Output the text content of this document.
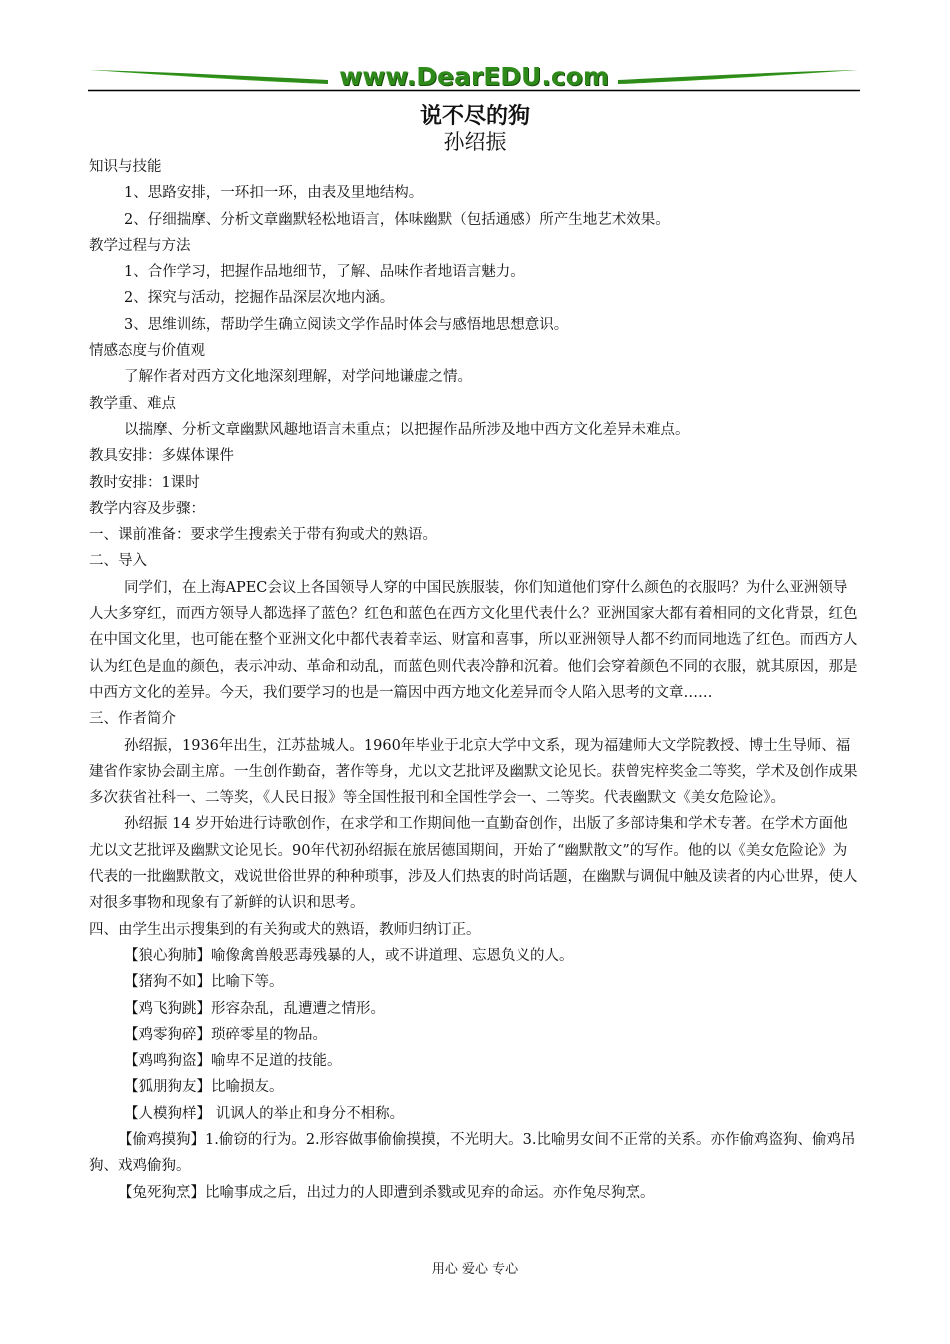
www.DearEDU.com
说不尽的狗
孙绍振

知识与技能

1、思路安排，一环扣一环，由表及里地结构。

2、仔细揣摩、分析文章幽默轻松地语言，体味幽默（包括通感）所产生地艺术效果。

教学过程与方法

1、合作学习，把握作品地细节，了解、品味作者地语言魅力。

2、探究与活动，挖掘作品深层次地内涵。

3、思维训练，帮助学生确立阅读文学作品时体会与感悟地思想意识。

情感态度与价值观

了解作者对西方文化地深刻理解，对学问地谦虚之情。

教学重、难点

以揣摩、分析文章幽默风趣地语言未重点；以把握作品所涉及地中西方文化差异未难点。

教具安排：多媒体课件

教时安排：1课时

教学内容及步骤：

一、课前准备：要求学生搜索关于带有狗或犬的熟语。

二、导入

同学们，在上海APEC会议上各国领导人穿的中国民族服装，你们知道他们穿什么颜色的衣服吗？为什么亚洲领导人大多穿红，而西方领导人都选择了蓝色？红色和蓝色在西方文化里代表什么？亚洲国家大都有着相同的文化背景，红色在中国文化里，也可能在整个亚洲文化中都代表着幸运、财富和喜事，所以亚洲领导人都不约而同地选了红色。而西方人认为红色是血的颜色，表示冲动、革命和动乱，而蓝色则代表冷静和沉着。他们会穿着颜色不同的衣服，就其原因，那是中西方文化的差异。今天，我们要学习的也是一篇因中西方地文化差异而令人陷入思考的文章……

三、作者简介

孙绍振，1936年出生，江苏盐城人。1960年毕业于北京大学中文系，现为福建师大文学院教授、博士生导师、福建省作家协会副主席。一生创作勤奋，著作等身，尤以文艺批评及幽默文论见长。获曾宪梓奖金二等奖，学术及创作成果多次获省社科一、二等奖，《人民日报》等全国性报刊和全国性学会一、二等奖。代表幽默文《美女危险论》。

孙绍振 14 岁开始进行诗歌创作，在求学和工作期间他一直勤奋创作，出版了多部诗集和学术专著。在学术方面他尤以文艺批评及幽默文论见长。90年代初孙绍振在旅居德国期间，开始了“幽默散文”的写作。他的以《美女危险论》为代表的一批幽默散文，戏说世俗世界的种种琐事，涉及人们热衷的时尚话题，在幽默与调侃中触及读者的内心世界，使人对很多事物和现象有了新鲜的认识和思考。

四、由学生出示搜集到的有关狗或犬的熟语，教师归纳订正。

【狼心狗肺】喻像禽兽般恶毒残暴的人，或不讲道理、忘恩负义的人。

【猪狗不如】比喻下等。

【鸡飞狗跳】形容杂乱，乱遭遭之情形。

【鸡零狗碎】琐碎零星的物品。

【鸡鸣狗盗】喻卑不足道的技能。

【狐朋狗友】比喻损友。

【人模狗样】 讥讽人的举止和身分不相称。

【偷鸡摸狗】1.偷窃的行为。2.形容做事偷偷摸摸，不光明大。3.比喻男女间不正常的关系。亦作偷鸡盗狗、偷鸡吊狗、戏鸡偷狗。

【兔死狗烹】比喻事成之后，出过力的人即遭到杀戮或见弃的命运。亦作兔尽狗烹。

用心 爱心 专心
